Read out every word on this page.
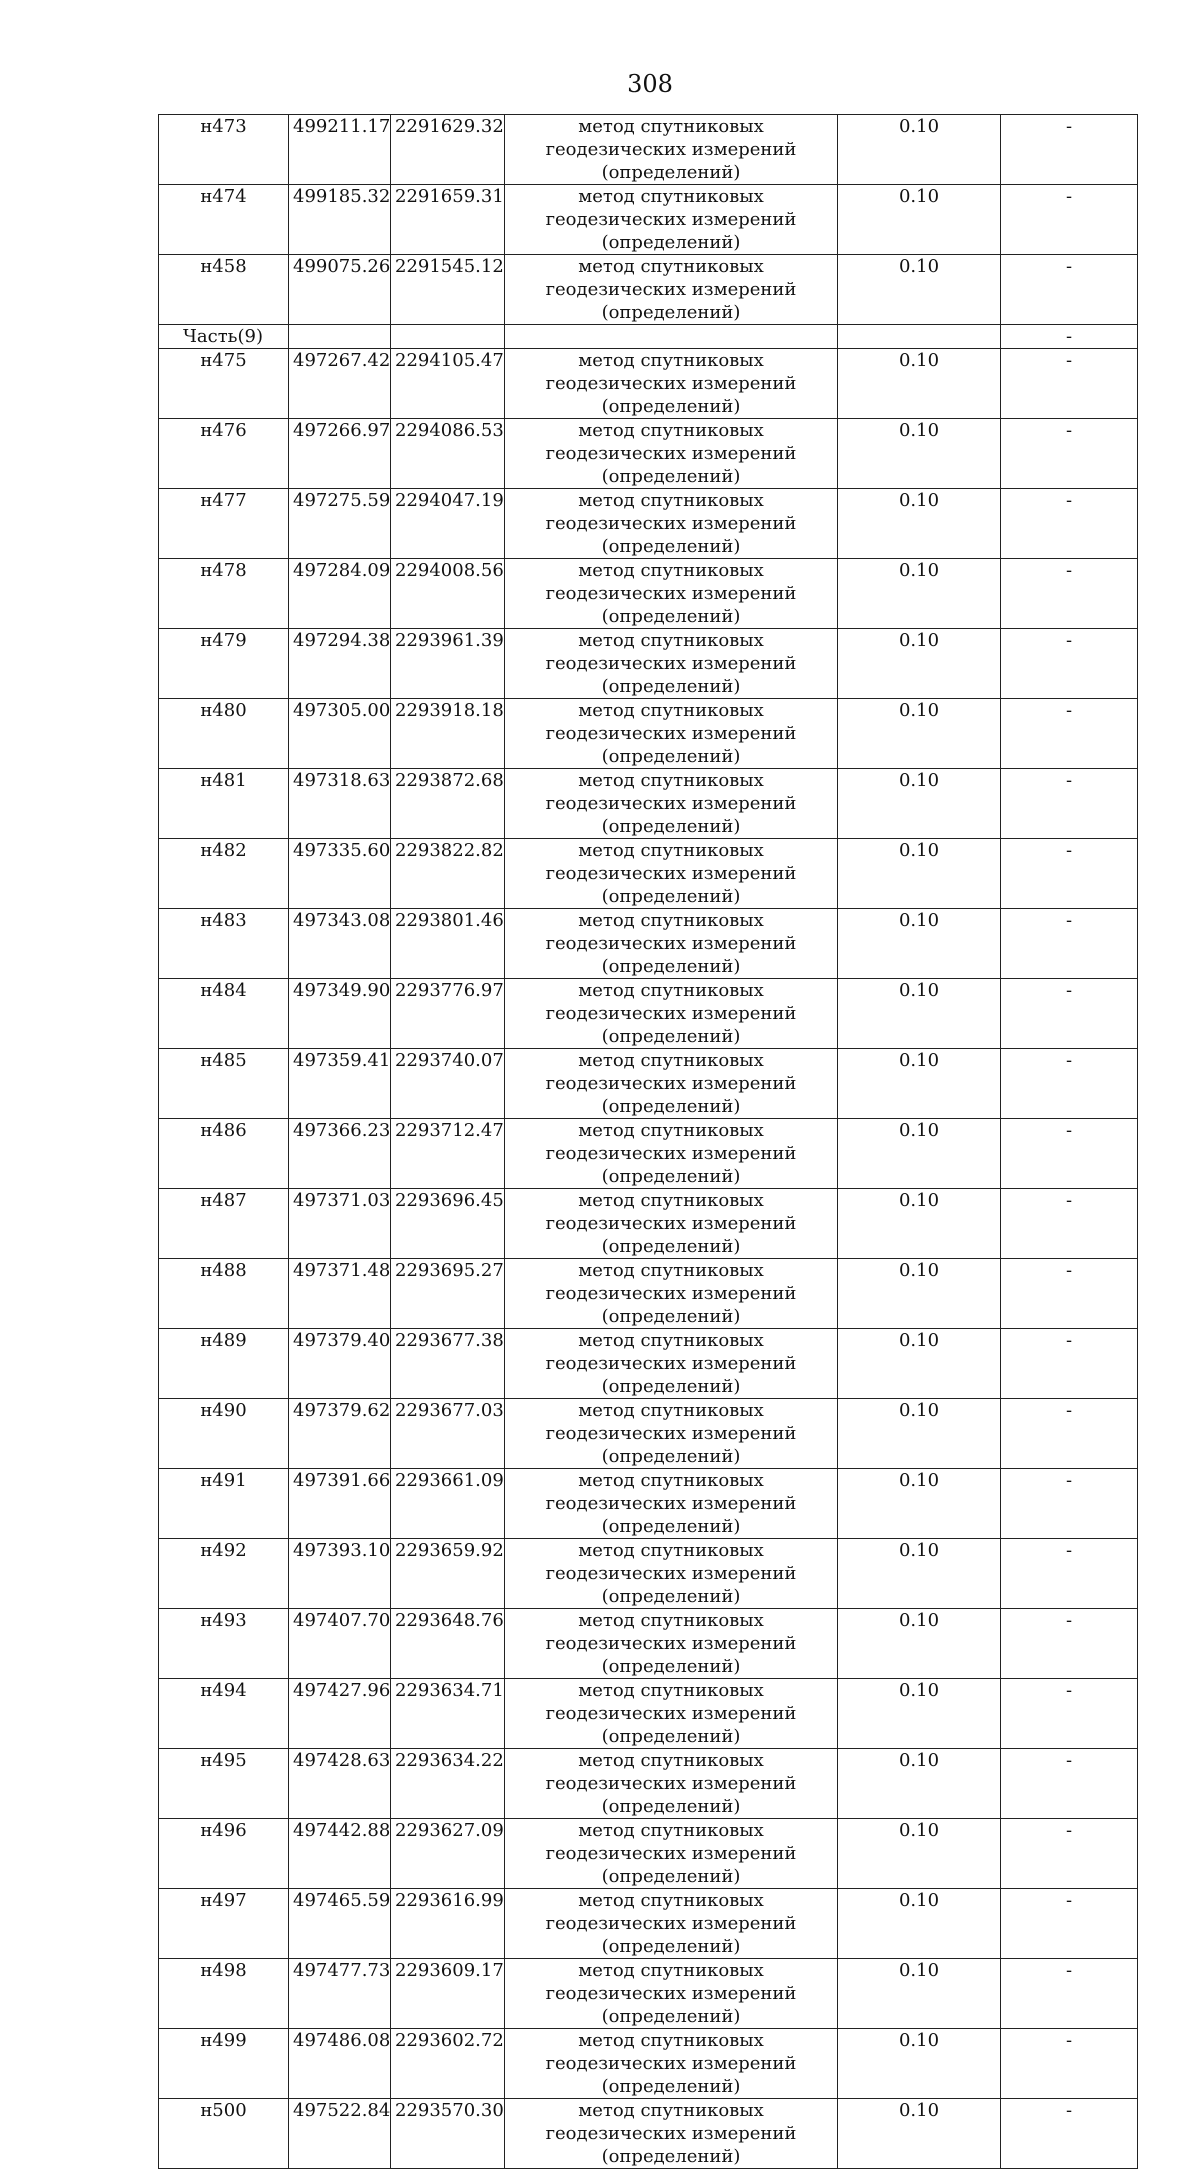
308
н473	499211.17	2291629.32	метод спутниковых геодезических измерений (определений)	0.10	-
н474	499185.32	2291659.31	метод спутниковых геодезических измерений (определений)	0.10	-
н458	499075.26	2291545.12	метод спутниковых геодезических измерений (определений)	0.10	-
Часть(9)					-
н475	497267.42	2294105.47	метод спутниковых геодезических измерений (определений)	0.10	-
н476	497266.97	2294086.53	метод спутниковых геодезических измерений (определений)	0.10	-
н477	497275.59	2294047.19	метод спутниковых геодезических измерений (определений)	0.10	-
н478	497284.09	2294008.56	метод спутниковых геодезических измерений (определений)	0.10	-
н479	497294.38	2293961.39	метод спутниковых геодезических измерений (определений)	0.10	-
н480	497305.00	2293918.18	метод спутниковых геодезических измерений (определений)	0.10	-
н481	497318.63	2293872.68	метод спутниковых геодезических измерений (определений)	0.10	-
н482	497335.60	2293822.82	метод спутниковых геодезических измерений (определений)	0.10	-
н483	497343.08	2293801.46	метод спутниковых геодезических измерений (определений)	0.10	-
н484	497349.90	2293776.97	метод спутниковых геодезических измерений (определений)	0.10	-
н485	497359.41	2293740.07	метод спутниковых геодезических измерений (определений)	0.10	-
н486	497366.23	2293712.47	метод спутниковых геодезических измерений (определений)	0.10	-
н487	497371.03	2293696.45	метод спутниковых геодезических измерений (определений)	0.10	-
н488	497371.48	2293695.27	метод спутниковых геодезических измерений (определений)	0.10	-
н489	497379.40	2293677.38	метод спутниковых геодезических измерений (определений)	0.10	-
н490	497379.62	2293677.03	метод спутниковых геодезических измерений (определений)	0.10	-
н491	497391.66	2293661.09	метод спутниковых геодезических измерений (определений)	0.10	-
н492	497393.10	2293659.92	метод спутниковых геодезических измерений (определений)	0.10	-
н493	497407.70	2293648.76	метод спутниковых геодезических измерений (определений)	0.10	-
н494	497427.96	2293634.71	метод спутниковых геодезических измерений (определений)	0.10	-
н495	497428.63	2293634.22	метод спутниковых геодезических измерений (определений)	0.10	-
н496	497442.88	2293627.09	метод спутниковых геодезических измерений (определений)	0.10	-
н497	497465.59	2293616.99	метод спутниковых геодезических измерений (определений)	0.10	-
н498	497477.73	2293609.17	метод спутниковых геодезических измерений (определений)	0.10	-
н499	497486.08	2293602.72	метод спутниковых геодезических измерений (определений)	0.10	-
н500	497522.84	2293570.30	метод спутниковых геодезических измерений (определений)	0.10	-
